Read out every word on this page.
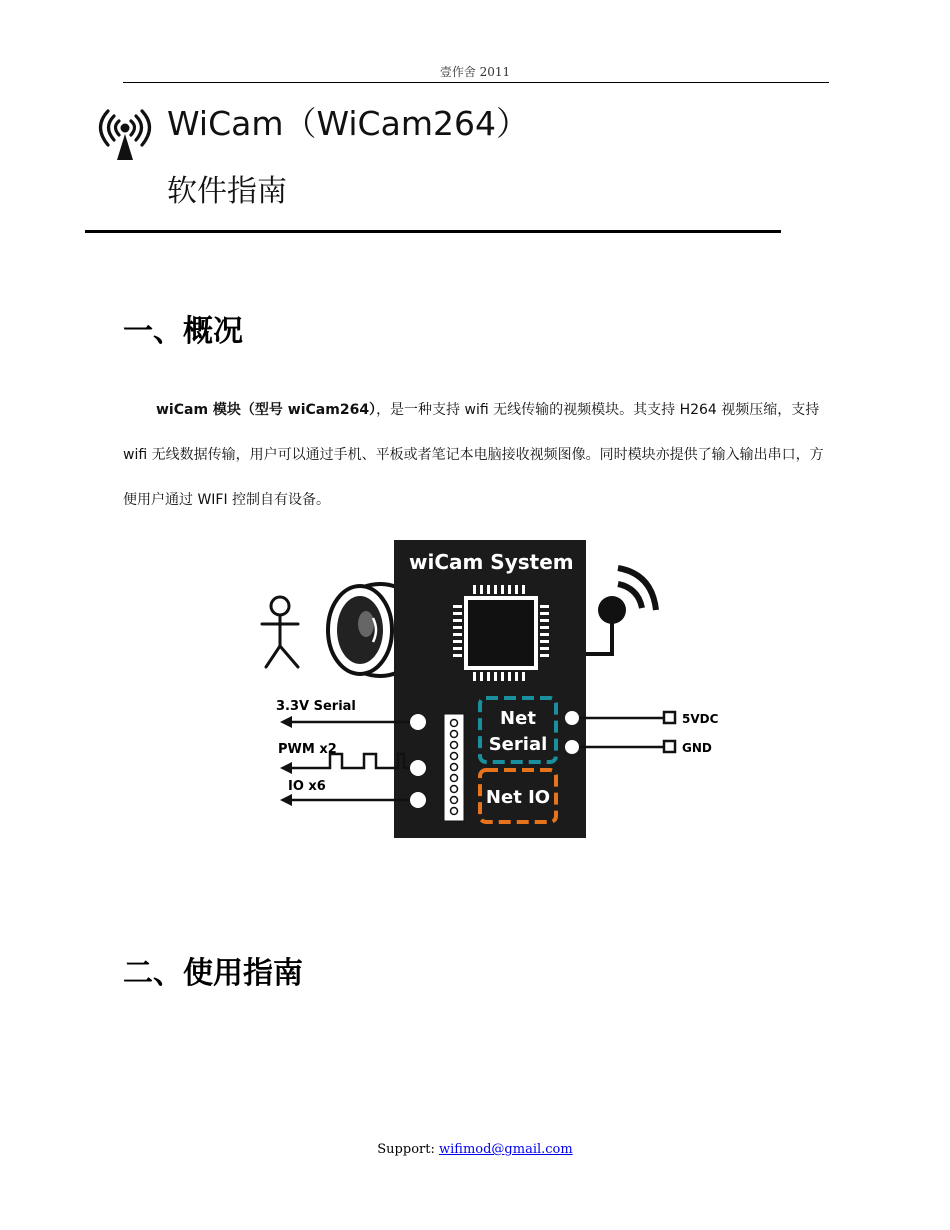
壹作舍 2011
WiCam（WiCam264）
软件指南
一、概况

wiCam 模块（型号 wiCam264），是一种支持 wifi 无线传输的视频模块。其支持 H264 视频压缩，支持 wifi 无线数据传输，用户可以通过手机、平板或者笔记本电脑接收视频图像。同时模块亦提供了输入输出串口，方便用户通过 WIFI 控制自有设备。

wiCam System
3.3V Serial
PWM x2
IO x6
Net
Serial
Net IO
5VDC
GND
二、使用指南
Support: wifimod@gmail.com
